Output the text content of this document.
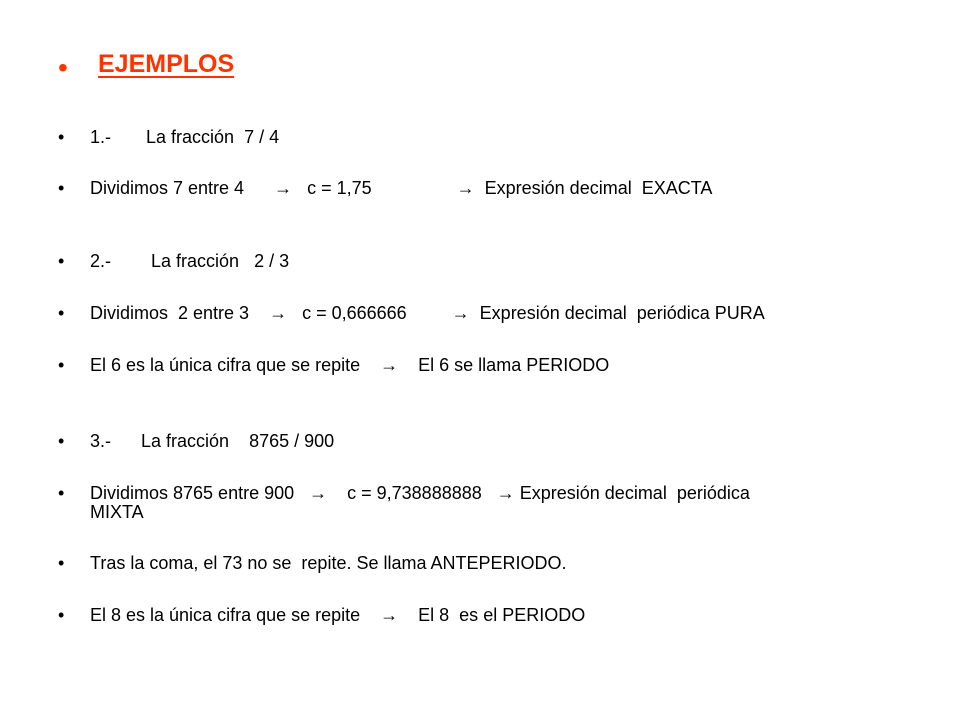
•	EJEMPLOS
•	1.-       La fracción  7 / 4
•	Dividimos 7 entre 4      →   c = 1,75                 →  Expresión decimal  EXACTA
•	2.-        La fracción   2 / 3
•	Dividimos  2 entre 3    →   c = 0,666666         →  Expresión decimal  periódica PURA
•	El 6 es la única cifra que se repite    →    El 6 se llama PERIODO
•	3.-      La fracción    8765 / 900
•	Dividimos 8765 entre 900   →    c = 9,738888888   → Expresión decimal  periódica
MIXTA
•	Tras la coma, el 73 no se  repite. Se llama ANTEPERIODO.
•	El 8 es la única cifra que se repite    →    El 8  es el PERIODO
